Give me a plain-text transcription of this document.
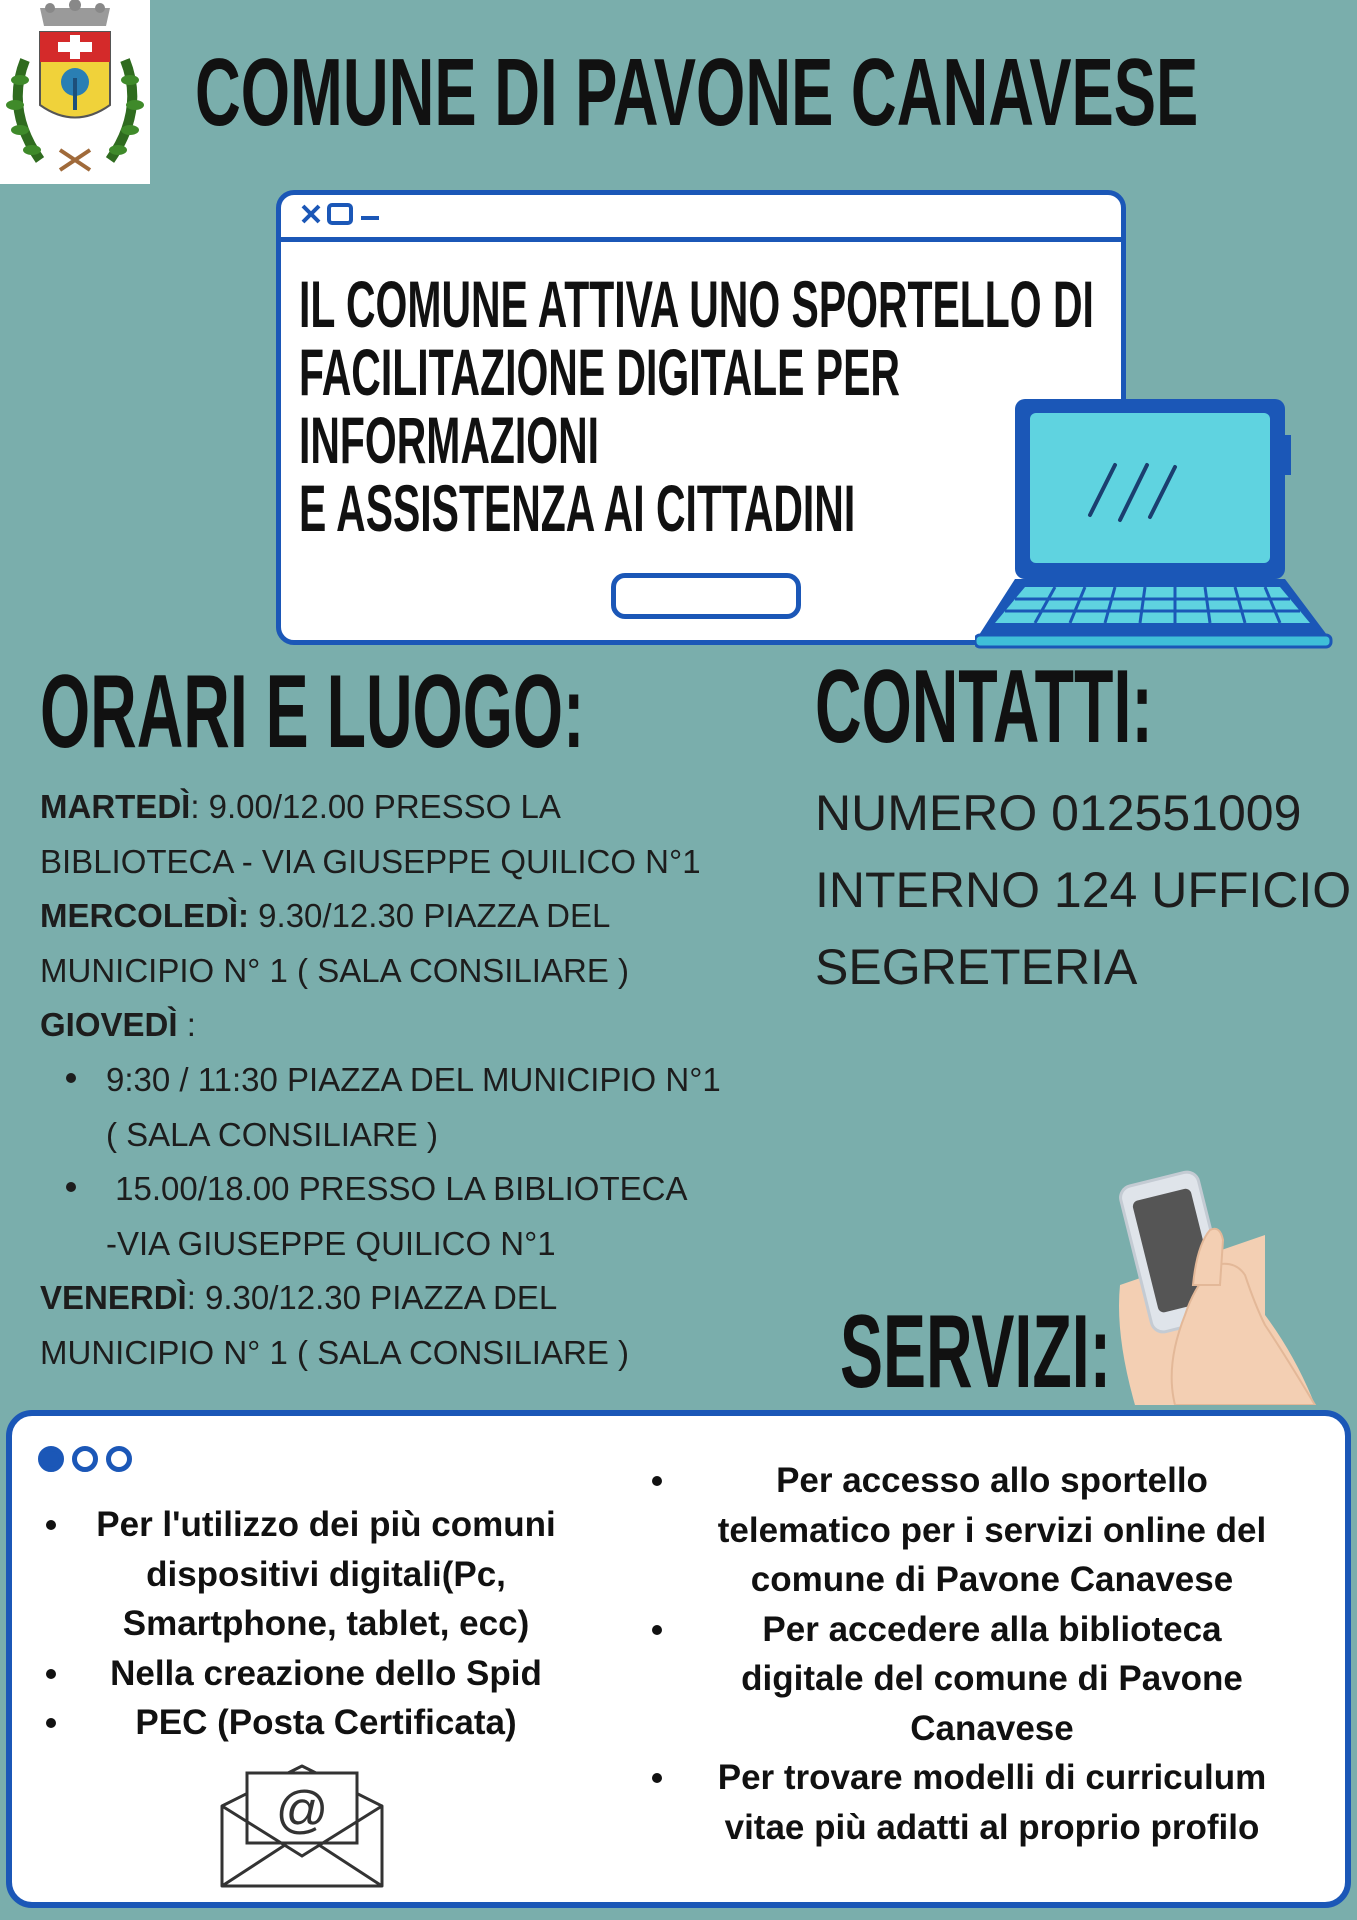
COMUNE DI PAVONE CANAVESE
IL COMUNE ATTIVA UNO SPORTELLO DI
FACILITAZIONE DIGITALE PER
INFORMAZIONI
E ASSISTENZA AI CITTADINI
ORARI E LUOGO: CONTATTI:
MARTEDÌ: 9.00/12.00 PRESSO LA
BIBLIOTECA - VIA GIUSEPPE QUILICO N°1
MERCOLEDÌ: 9.30/12.30 PIAZZA DEL
MUNICIPIO N° 1 ( SALA CONSILIARE )
GIOVEDÌ :
9:30 / 11:30 PIAZZA DEL MUNICIPIO N°1
( SALA CONSILIARE )
15.00/18.00 PRESSO LA BIBLIOTECA
-VIA GIUSEPPE QUILICO N°1
VENERDÌ: 9.30/12.30 PIAZZA DEL
MUNICIPIO N° 1 ( SALA CONSILIARE )
NUMERO 012551009
INTERNO 124 UFFICIO
SEGRETERIA
SERVIZI:
Per l'utilizzo dei più comuni
dispositivi digitali(Pc,
Smartphone, tablet, ecc)
Nella creazione dello Spid
PEC (Posta Certificata)
Per accesso allo sportello
telematico per i servizi online del
comune di Pavone Canavese
Per accedere alla biblioteca
digitale del comune di Pavone
Canavese
Per trovare modelli di curriculum
vitae più adatti al proprio profilo
@
